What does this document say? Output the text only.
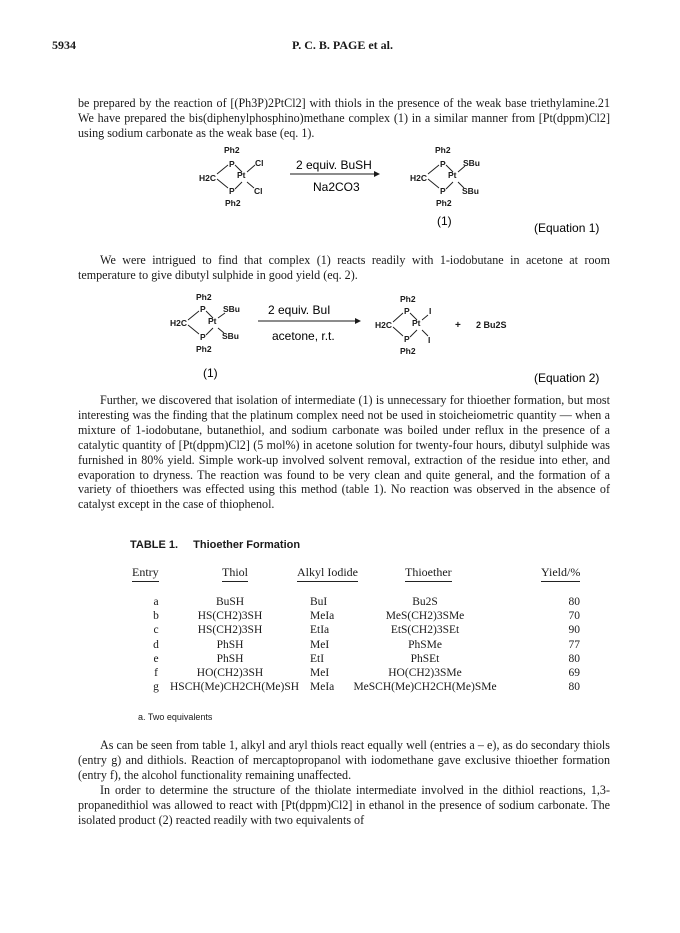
5934	P. C. B. PAGE et al.

be prepared by the reaction of [(Ph3P)2PtCl2] with thiols in the presence of the weak base triethylamine.21 We have prepared the bis(diphenylphosphino)methane complex (1) in a similar manner from [Pt(dppm)Cl2] using sodium carbonate as the weak base (eq. 1).

Ph2
P Cl
H2C Pt
Cl
P
Ph2
2 equiv. BuSH
Na2CO3
Ph2
P SBu
H2C Pt
SBu
P
Ph2
(1)	(Equation 1)

We were intrigued to find that complex (1) reacts readily with 1-iodobutane in acetone at room temperature to give dibutyl sulphide in good yield (eq. 2).

Ph2
P SBu
H2C Pt
SBu
P
Ph2
(1)
2 equiv. BuI
acetone, r.t.
Ph2
P I
H2C Pt
I
P
Ph2
+ 2 Bu2S
(Equation 2)

Further, we discovered that isolation of intermediate (1) is unnecessary for thioether formation, but most interesting was the finding that the platinum complex need not be used in stoicheiometric quantity — when a mixture of 1-iodobutane, butanethiol, and sodium carbonate was boiled under reflux in the presence of a catalytic quantity of [Pt(dppm)Cl2] (5 mol%) in acetone solution for twenty-four hours, dibutyl sulphide was furnished in 80% yield. Simple work-up involved solvent removal, extraction of the residue into ether, and evaporation to dryness. The reaction was found to be very clean and quite general, and the formation of a variety of thioethers was effected using this method (table 1). No reaction was observed in the absence of catalyst except in the case of thiophenol.

TABLE 1. Thioether Formation
Entry	Thiol	Alkyl Iodide	Thioether	Yield/%
a	BuSH	BuI	Bu2S	80
b	HS(CH2)3SH	MeIa	MeS(CH2)3SMe	70
c	HS(CH2)3SH	EtIa	EtS(CH2)3SEt	90
d	PhSH	MeI	PhSMe	77
e	PhSH	EtI	PhSEt	80
f	HO(CH2)3SH	MeI	HO(CH2)3SMe	69
g HSCH(Me)CH2CH(Me)SH MeIa	MeSCH(Me)CH2CH(Me)SMe	80
a. Two equivalents

As can be seen from table 1, alkyl and aryl thiols react equally well (entries a – e), as do secondary thiols (entry g) and dithiols. Reaction of mercaptopropanol with iodomethane gave exclusive thioether formation (entry f), the alcohol functionality remaining unaffected.

In order to determine the structure of the thiolate intermediate involved in the dithiol reactions, 1,3-propanedithiol was allowed to react with [Pt(dppm)Cl2] in ethanol in the presence of sodium carbonate. The isolated product (2) reacted readily with two equivalents of
